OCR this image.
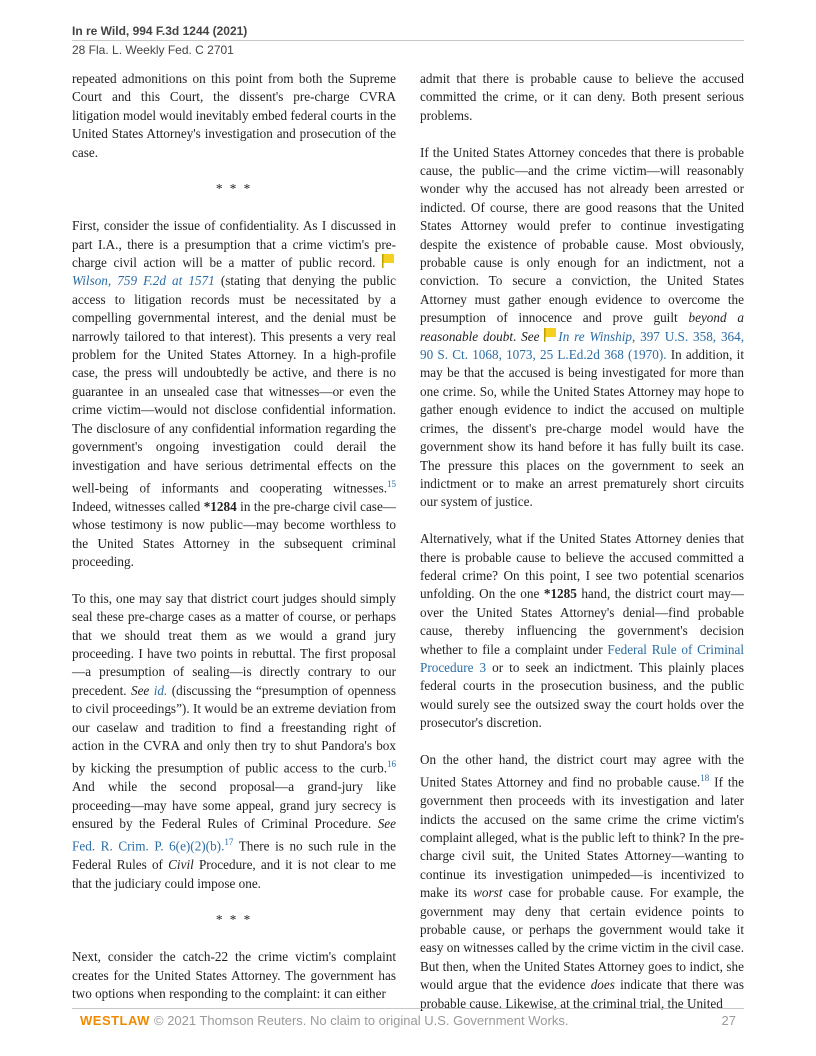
In re Wild, 994 F.3d 1244 (2021)
28 Fla. L. Weekly Fed. C 2701

repeated admonitions on this point from both the Supreme Court and this Court, the dissent's pre-charge CVRA litigation model would inevitably embed federal courts in the United States Attorney's investigation and prosecution of the case.

* * *

First, consider the issue of confidentiality. As I discussed in part I.A., there is a presumption that a crime victim's pre-charge civil action will be a matter of public record.
Wilson, 759 F.2d at 1571 (stating that denying the public access to litigation records must be necessitated by a compelling governmental interest, and the denial must be narrowly tailored to that interest). This presents a very real problem for the United States Attorney. In a high-profile case, the press will undoubtedly be active, and there is no guarantee in an unsealed case that witnesses—or even the crime victim—would not disclose confidential information. The disclosure of any confidential information regarding the government's ongoing investigation could derail the investigation and have serious detrimental effects on the well-being of informants and cooperating witnesses.$^{15}$ Indeed, witnesses called *1284 in the pre-charge civil case—whose testimony is now public—may become worthless to the United States Attorney in the subsequent criminal proceeding.

To this, one may say that district court judges should simply seal these pre-charge cases as a matter of course, or perhaps that we should treat them as we would a grand jury proceeding. I have two points in rebuttal. The first proposal—a presumption of sealing—is directly contrary to our precedent. See id. (discussing the “presumption of openness to civil proceedings”). It would be an extreme deviation from our caselaw and tradition to find a freestanding right of action in the CVRA and only then try to shut Pandora's box by kicking the presumption of public access to the curb.$^{16}$ And while the second proposal—a grand-jury like proceeding—may have some appeal, grand jury secrecy is ensured by the Federal Rules of Criminal Procedure. See Fed. R. Crim. P. 6(e)(2)(b).$^{17}$ There is no such rule in the Federal Rules of Civil Procedure, and it is not clear to me that the judiciary could impose one.

* * *

Next, consider the catch-22 the crime victim's complaint creates for the United States Attorney. The government has two options when responding to the complaint: it can either

admit that there is probable cause to believe the accused committed the crime, or it can deny. Both present serious problems.

If the United States Attorney concedes that there is probable cause, the public—and the crime victim—will reasonably wonder why the accused has not already been arrested or indicted. Of course, there are good reasons that the United States Attorney would prefer to continue investigating despite the existence of probable cause. Most obviously, probable cause is only enough for an indictment, not a conviction. To secure a conviction, the United States Attorney must gather enough evidence to overcome the presumption of innocence and prove guilt beyond a reasonable doubt. See In re Winship, 397 U.S. 358, 364, 90 S. Ct. 1068, 1073, 25 L.Ed.2d 368 (1970). In addition, it may be that the accused is being investigated for more than one crime. So, while the United States Attorney may hope to gather enough evidence to indict the accused on multiple crimes, the dissent's pre-charge model would have the government show its hand before it has fully built its case. The pressure this places on the government to seek an indictment or to make an arrest prematurely short circuits our system of justice.

Alternatively, what if the United States Attorney denies that there is probable cause to believe the accused committed a federal crime? On this point, I see two potential scenarios unfolding. On the one *1285 hand, the district court may—over the United States Attorney's denial—find probable cause, thereby influencing the government's decision whether to file a complaint under Federal Rule of Criminal Procedure 3 or to seek an indictment. This plainly places federal courts in the prosecution business, and the public would surely see the outsized sway the court holds over the prosecutor's discretion.

On the other hand, the district court may agree with the United States Attorney and find no probable cause.$^{18}$ If the government then proceeds with its investigation and later indicts the accused on the same crime the crime victim's complaint alleged, what is the public left to think? In the pre-charge civil suit, the United States Attorney—wanting to continue its investigation unimpeded—is incentivized to make its worst case for probable cause. For example, the government may deny that certain evidence points to probable cause, or perhaps the government would take it easy on witnesses called by the crime victim in the civil case. But then, when the United States Attorney goes to indict, she would argue that the evidence does indicate that there was probable cause. Likewise, at the criminal trial, the United

WESTLAW © 2021 Thomson Reuters. No claim to original U.S. Government Works.	27
